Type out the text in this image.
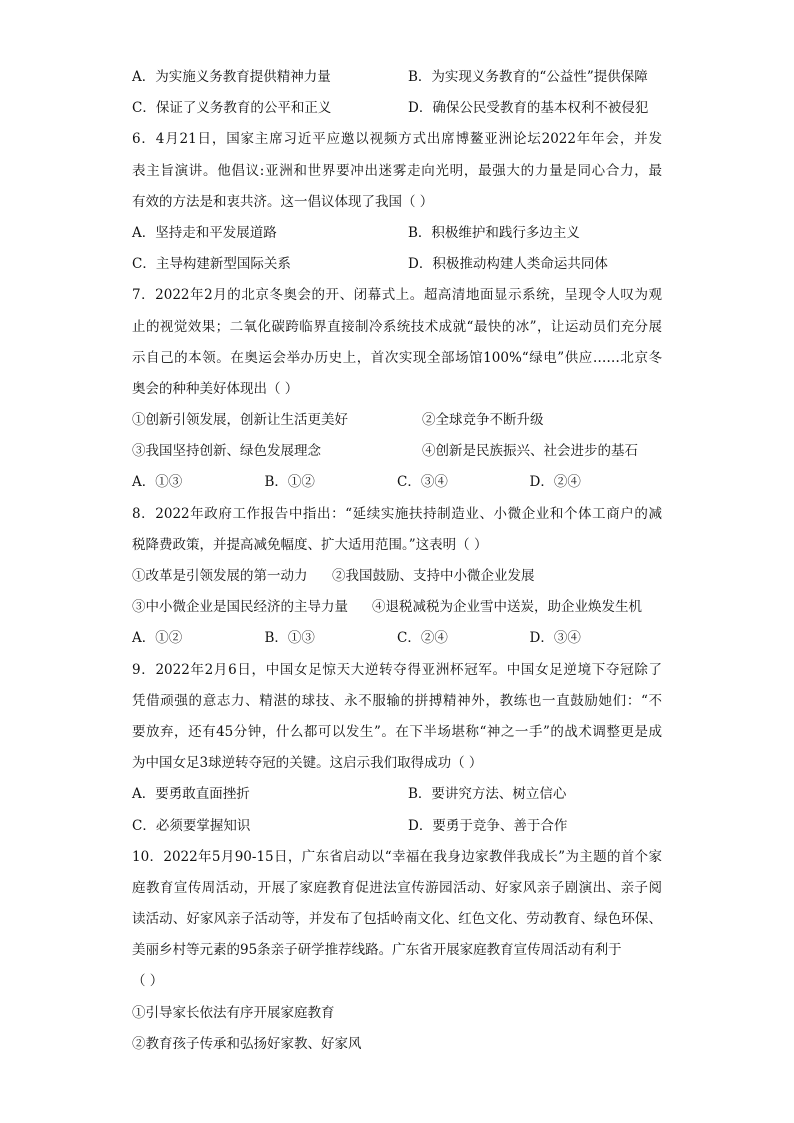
A．为实施义务教育提供精神力量	B．为实现义务教育的“公益性”提供保障
C．保证了义务教育的公平和正义	D．确保公民受教育的基本权利不被侵犯
6．4月21日，国家主席习近平应邀以视频方式出席博鳌亚洲论坛2022年年会，并发
表主旨演讲。他倡议:亚洲和世界要冲出迷雾走向光明，最强大的力量是同心合力，最
有效的方法是和衷共济。这一倡议体现了我国（ ）
A．坚持走和平发展道路	B．积极维护和践行多边主义
C．主导构建新型国际关系	D．积极推动构建人类命运共同体
7．2022年2月的北京冬奥会的开、闭幕式上。超高清地面显示系统，呈现令人叹为观
止的视觉效果；二氧化碳跨临界直接制冷系统技术成就“最快的冰”，让运动员们充分展
示自己的本领。在奥运会举办历史上，首次实现全部场馆100%“绿电”供应……北京冬
奥会的种种美好体现出（ ）
①创新引领发展，创新让生活更美好	②全球竞争不断升级
③我国坚持创新、绿色发展理念	④创新是民族振兴、社会进步的基石
A．①③	B．①②	C．③④	D．②④
8．2022年政府工作报告中指出：“延续实施扶持制造业、小微企业和个体工商户的减
税降费政策，并提高减免幅度、扩大适用范围。”这表明（ ）
①改革是引领发展的第一动力	②我国鼓励、支持中小微企业发展
③中小微企业是国民经济的主导力量	④退税减税为企业雪中送炭，助企业焕发生机
A．①②	B．①③	C．②④	D．③④
9．2022年2月6日，中国女足惊天大逆转夺得亚洲杯冠军。中国女足逆境下夺冠除了
凭借顽强的意志力、精湛的球技、永不服输的拼搏精神外，教练也一直鼓励她们：“不
要放弃，还有45分钟，什么都可以发生”。在下半场堪称“神之一手”的战术调整更是成
为中国女足3球逆转夺冠的关键。这启示我们取得成功（ ）
A．要勇敢直面挫折	B．要讲究方法、树立信心
C．必须要掌握知识	D．要勇于竞争、善于合作
10．2022年5月90-15日，广东省启动以“幸福在我身边家教伴我成长”为主题的首个家
庭教育宣传周活动，开展了家庭教育促进法宣传游园活动、好家风亲子剧演出、亲子阅
读活动、好家风亲子活动等，并发布了包括岭南文化、红色文化、劳动教育、绿色环保、
美丽乡村等元素的95条亲子研学推荐线路。广东省开展家庭教育宣传周活动有利于
（ ）
①引导家长依法有序开展家庭教育
②教育孩子传承和弘扬好家教、好家风
